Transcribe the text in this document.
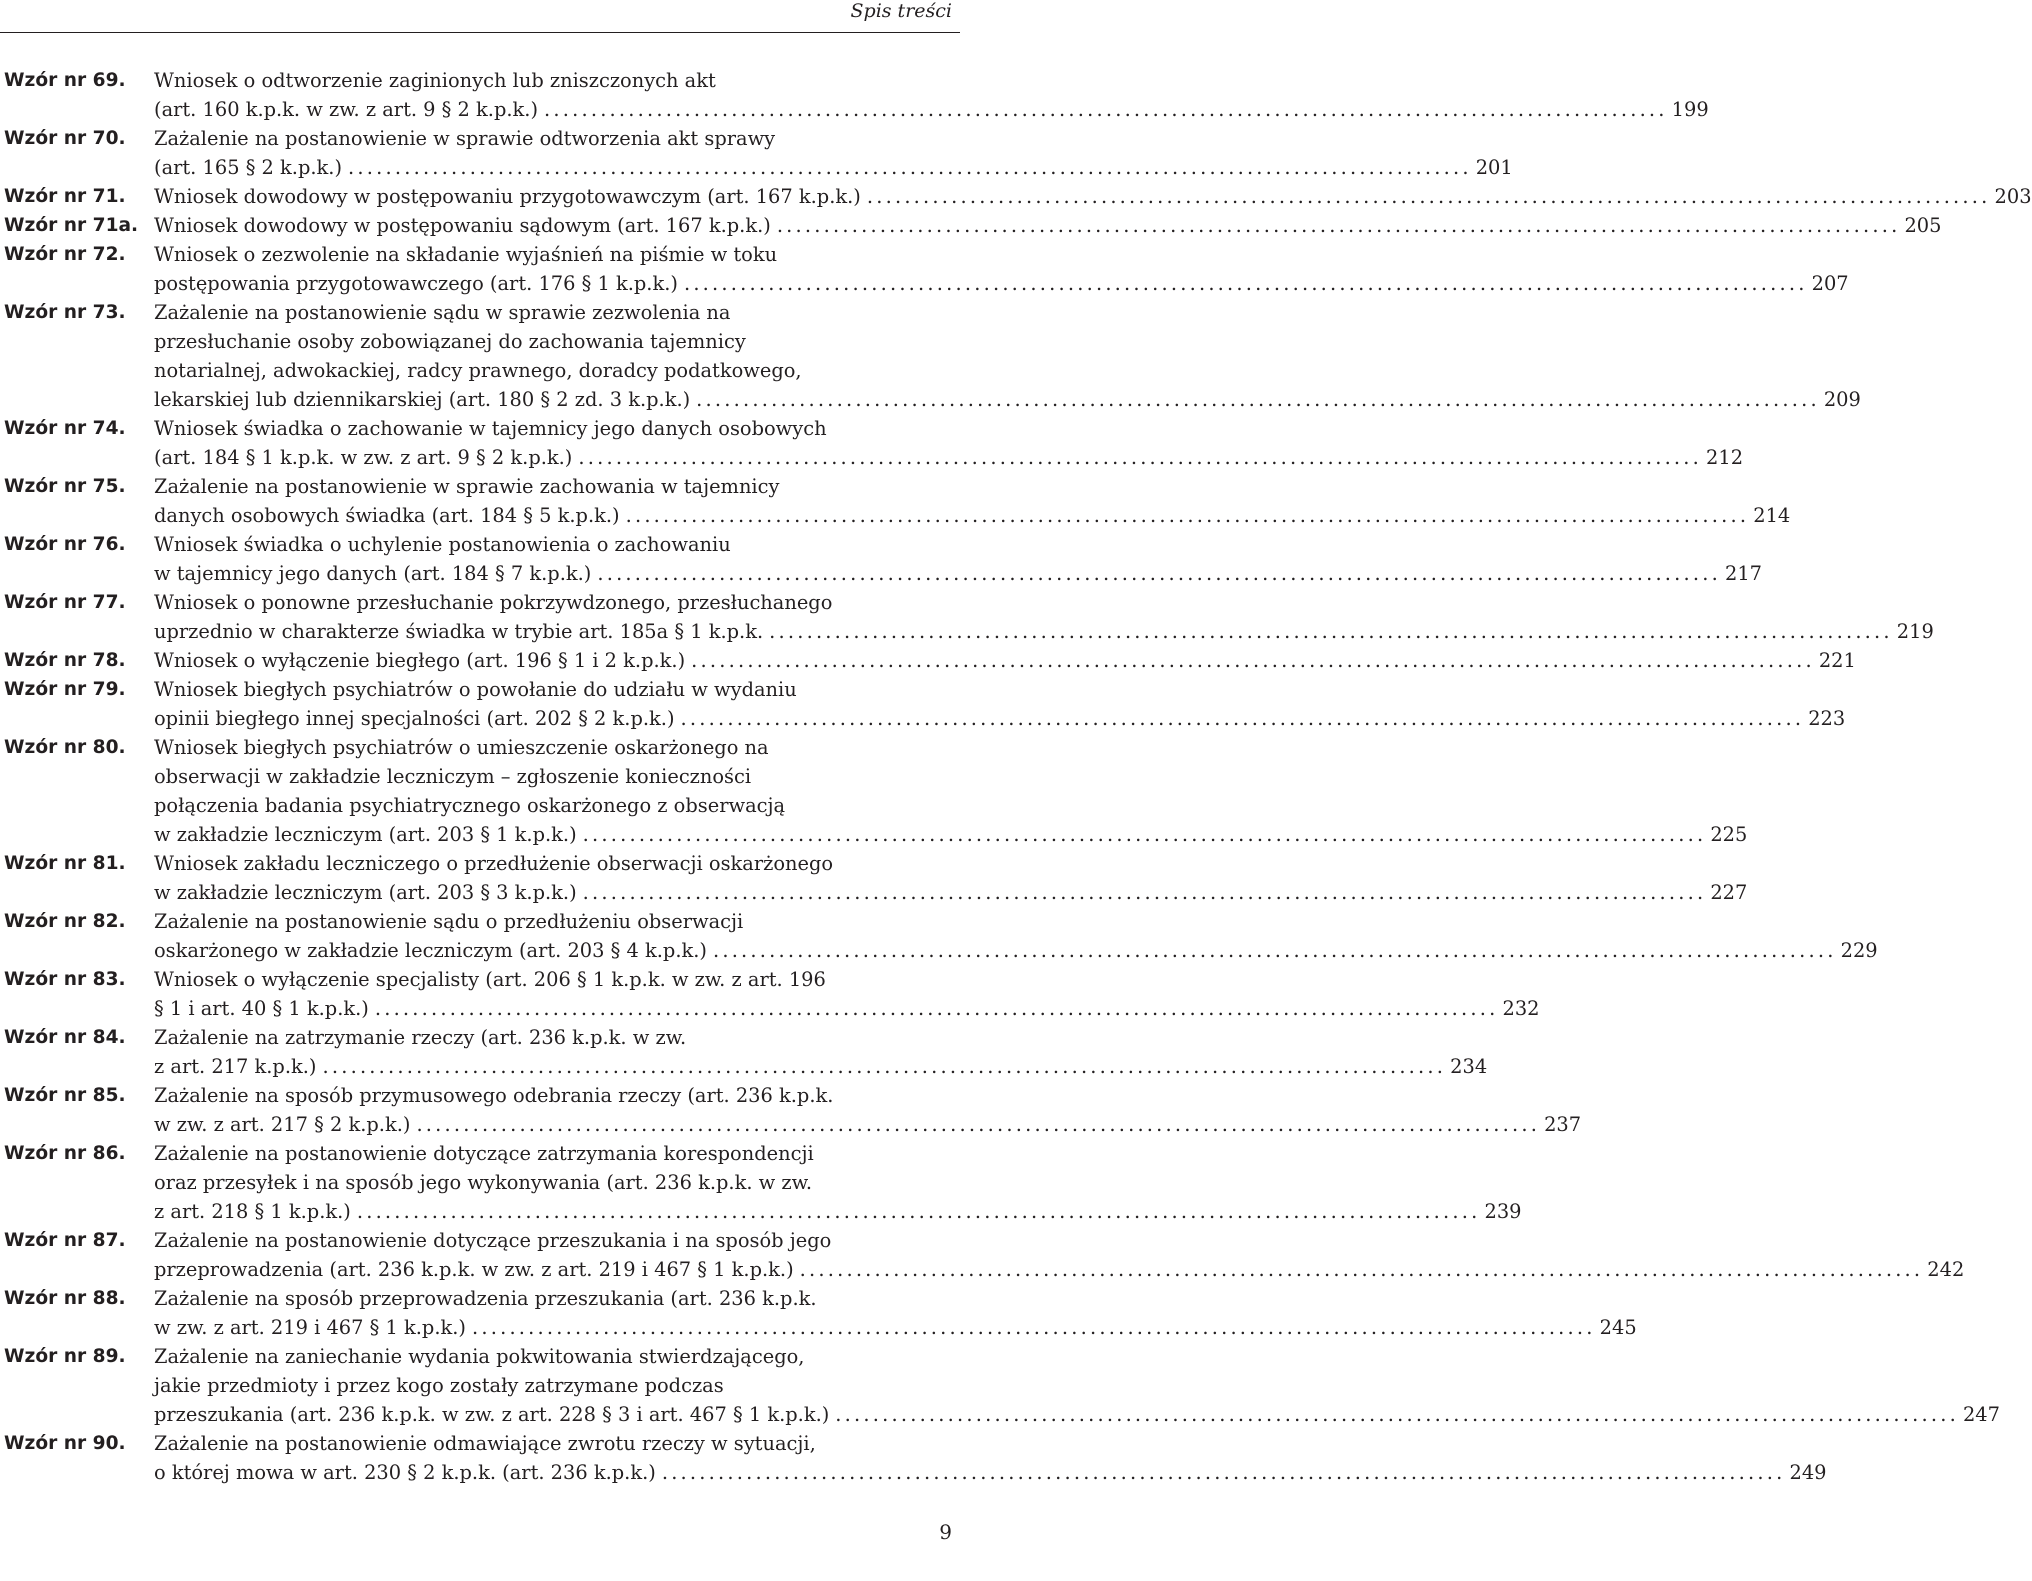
Spis treści
Wzór nr 69.	Wniosek o odtworzenie zaginionych lub zniszczonych akt
(art. 160 k.p.k. w zw. z art. 9 § 2 k.p.k.) ........................................................................................................................ 199
Wzór nr 70.	Zażalenie na postanowienie w sprawie odtworzenia akt sprawy
(art. 165 § 2 k.p.k.) ........................................................................................................................ 201
Wzór nr 71.	Wniosek dowodowy w postępowaniu przygotowawczym (art. 167 k.p.k.) ........................................................................................................................ 203
Wzór nr 71a. Wniosek dowodowy w postępowaniu sądowym (art. 167 k.p.k.) ........................................................................................................................ 205
Wzór nr 72.	Wniosek o zezwolenie na składanie wyjaśnień na piśmie w toku
postępowania przygotowawczego (art. 176 § 1 k.p.k.) ........................................................................................................................ 207
Wzór nr 73.	Zażalenie na postanowienie sądu w sprawie zezwolenia na
przesłuchanie osoby zobowiązanej do zachowania tajemnicy
notarialnej, adwokackiej, radcy prawnego, doradcy podatkowego,
lekarskiej lub dziennikarskiej (art. 180 § 2 zd. 3 k.p.k.) ........................................................................................................................ 209
Wzór nr 74.	Wniosek świadka o zachowanie w tajemnicy jego danych osobowych
(art. 184 § 1 k.p.k. w zw. z art. 9 § 2 k.p.k.) ........................................................................................................................ 212
Wzór nr 75.	Zażalenie na postanowienie w sprawie zachowania w tajemnicy
danych osobowych świadka (art. 184 § 5 k.p.k.) ........................................................................................................................ 214
Wzór nr 76.	Wniosek świadka o uchylenie postanowienia o zachowaniu
w tajemnicy jego danych (art. 184 § 7 k.p.k.) ........................................................................................................................ 217
Wzór nr 77.	Wniosek o ponowne przesłuchanie pokrzywdzonego, przesłuchanego
uprzednio w charakterze świadka w trybie art. 185a § 1 k.p.k. ........................................................................................................................ 219
Wzór nr 78.	Wniosek o wyłączenie biegłego (art. 196 § 1 i 2 k.p.k.) ........................................................................................................................ 221
Wzór nr 79.	Wniosek biegłych psychiatrów o powołanie do udziału w wydaniu
opinii biegłego innej specjalności (art. 202 § 2 k.p.k.) ........................................................................................................................ 223
Wzór nr 80.	Wniosek biegłych psychiatrów o umieszczenie oskarżonego na
obserwacji w zakładzie leczniczym – zgłoszenie konieczności
połączenia badania psychiatrycznego oskarżonego z obserwacją
w zakładzie leczniczym (art. 203 § 1 k.p.k.) ........................................................................................................................ 225
Wzór nr 81.	Wniosek zakładu leczniczego o przedłużenie obserwacji oskarżonego
w zakładzie leczniczym (art. 203 § 3 k.p.k.) ........................................................................................................................ 227
Wzór nr 82.	Zażalenie na postanowienie sądu o przedłużeniu obserwacji
oskarżonego w zakładzie leczniczym (art. 203 § 4 k.p.k.) ........................................................................................................................ 229
Wzór nr 83.	Wniosek o wyłączenie specjalisty (art. 206 § 1 k.p.k. w zw. z art. 196
§ 1 i art. 40 § 1 k.p.k.) ........................................................................................................................ 232
Wzór nr 84.	Zażalenie na zatrzymanie rzeczy (art. 236 k.p.k. w zw.
z art. 217 k.p.k.) ........................................................................................................................ 234
Wzór nr 85.	Zażalenie na sposób przymusowego odebrania rzeczy (art. 236 k.p.k.
w zw. z art. 217 § 2 k.p.k.) ........................................................................................................................ 237
Wzór nr 86.	Zażalenie na postanowienie dotyczące zatrzymania korespondencji
oraz przesyłek i na sposób jego wykonywania (art. 236 k.p.k. w zw.
z art. 218 § 1 k.p.k.) ........................................................................................................................ 239
Wzór nr 87.	Zażalenie na postanowienie dotyczące przeszukania i na sposób jego
przeprowadzenia (art. 236 k.p.k. w zw. z art. 219 i 467 § 1 k.p.k.) ........................................................................................................................ 242
Wzór nr 88.	Zażalenie na sposób przeprowadzenia przeszukania (art. 236 k.p.k.
w zw. z art. 219 i 467 § 1 k.p.k.) ........................................................................................................................ 245
Wzór nr 89.	Zażalenie na zaniechanie wydania pokwitowania stwierdzającego,
jakie przedmioty i przez kogo zostały zatrzymane podczas
przeszukania (art. 236 k.p.k. w zw. z art. 228 § 3 i art. 467 § 1 k.p.k.) ........................................................................................................................ 247
Wzór nr 90.	Zażalenie na postanowienie odmawiające zwrotu rzeczy w sytuacji,
o której mowa w art. 230 § 2 k.p.k. (art. 236 k.p.k.) ........................................................................................................................ 249
9
